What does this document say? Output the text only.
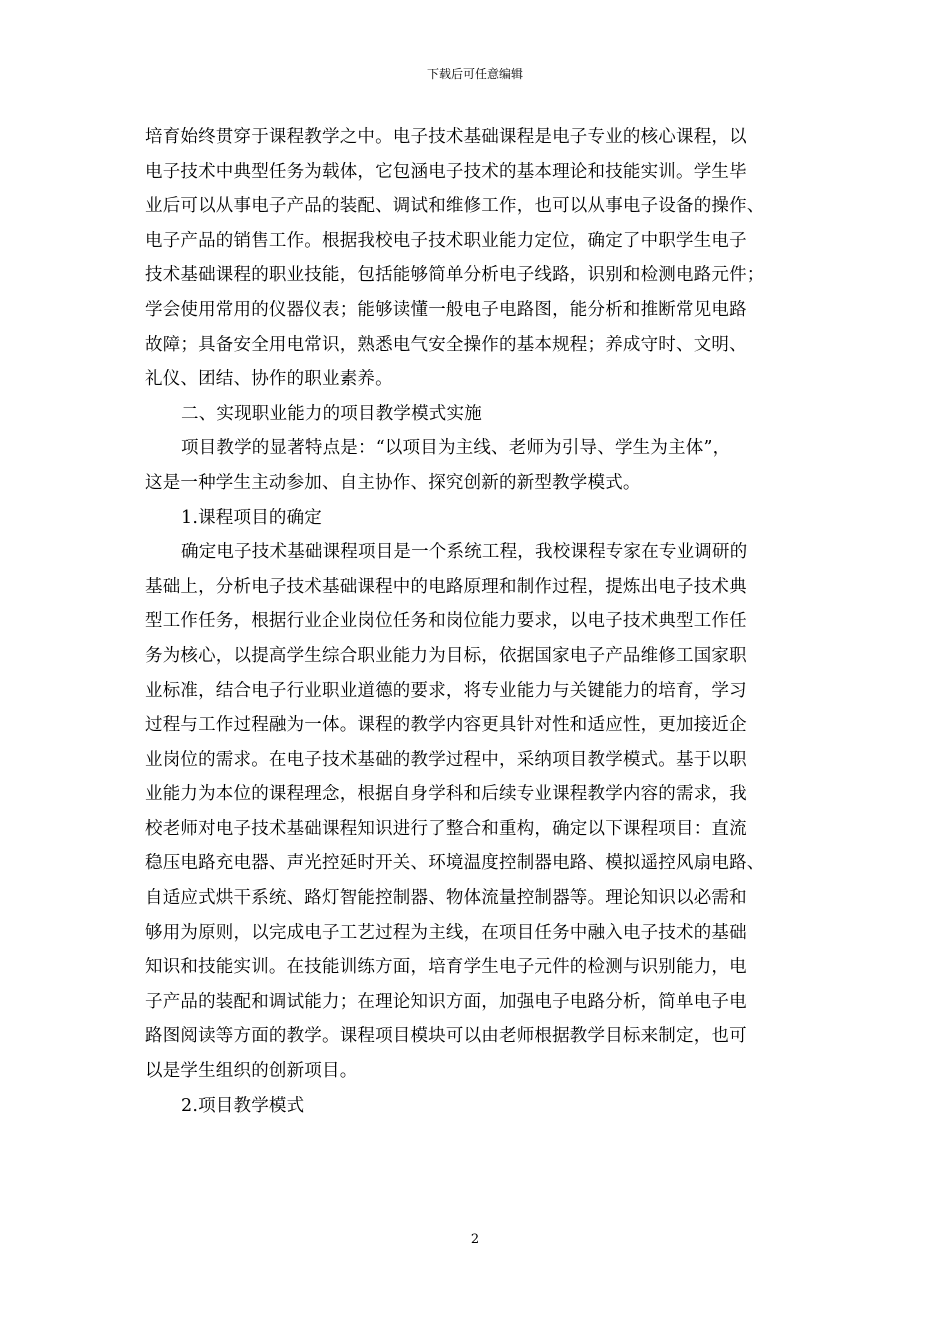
下载后可任意编辑
培育始终贯穿于课程教学之中。电子技术基础课程是电子专业的核心课程，以
电子技术中典型任务为载体，它包涵电子技术的基本理论和技能实训。学生毕
业后可以从事电子产品的装配、调试和维修工作，也可以从事电子设备的操作、
电子产品的销售工作。根据我校电子技术职业能力定位，确定了中职学生电子
技术基础课程的职业技能，包括能够简单分析电子线路，识别和检测电路元件；
学会使用常用的仪器仪表；能够读懂一般电子电路图，能分析和推断常见电路
故障；具备安全用电常识，熟悉电气安全操作的基本规程；养成守时、文明、
礼仪、团结、协作的职业素养。
二、实现职业能力的项目教学模式实施
项目教学的显著特点是：“以项目为主线、老师为引导、学生为主体”，
这是一种学生主动参加、自主协作、探究创新的新型教学模式。
1.课程项目的确定
确定电子技术基础课程项目是一个系统工程，我校课程专家在专业调研的
基础上，分析电子技术基础课程中的电路原理和制作过程，提炼出电子技术典
型工作任务，根据行业企业岗位任务和岗位能力要求，以电子技术典型工作任
务为核心，以提高学生综合职业能力为目标，依据国家电子产品维修工国家职
业标准，结合电子行业职业道德的要求，将专业能力与关键能力的培育，学习
过程与工作过程融为一体。课程的教学内容更具针对性和适应性，更加接近企
业岗位的需求。在电子技术基础的教学过程中，采纳项目教学模式。基于以职
业能力为本位的课程理念，根据自身学科和后续专业课程教学内容的需求，我
校老师对电子技术基础课程知识进行了整合和重构，确定以下课程项目：直流
稳压电路充电器、声光控延时开关、环境温度控制器电路、模拟遥控风扇电路、
自适应式烘干系统、路灯智能控制器、物体流量控制器等。理论知识以必需和
够用为原则，以完成电子工艺过程为主线，在项目任务中融入电子技术的基础
知识和技能实训。在技能训练方面，培育学生电子元件的检测与识别能力，电
子产品的装配和调试能力；在理论知识方面，加强电子电路分析，简单电子电
路图阅读等方面的教学。课程项目模块可以由老师根据教学目标来制定，也可
以是学生组织的创新项目。
2.项目教学模式
2
